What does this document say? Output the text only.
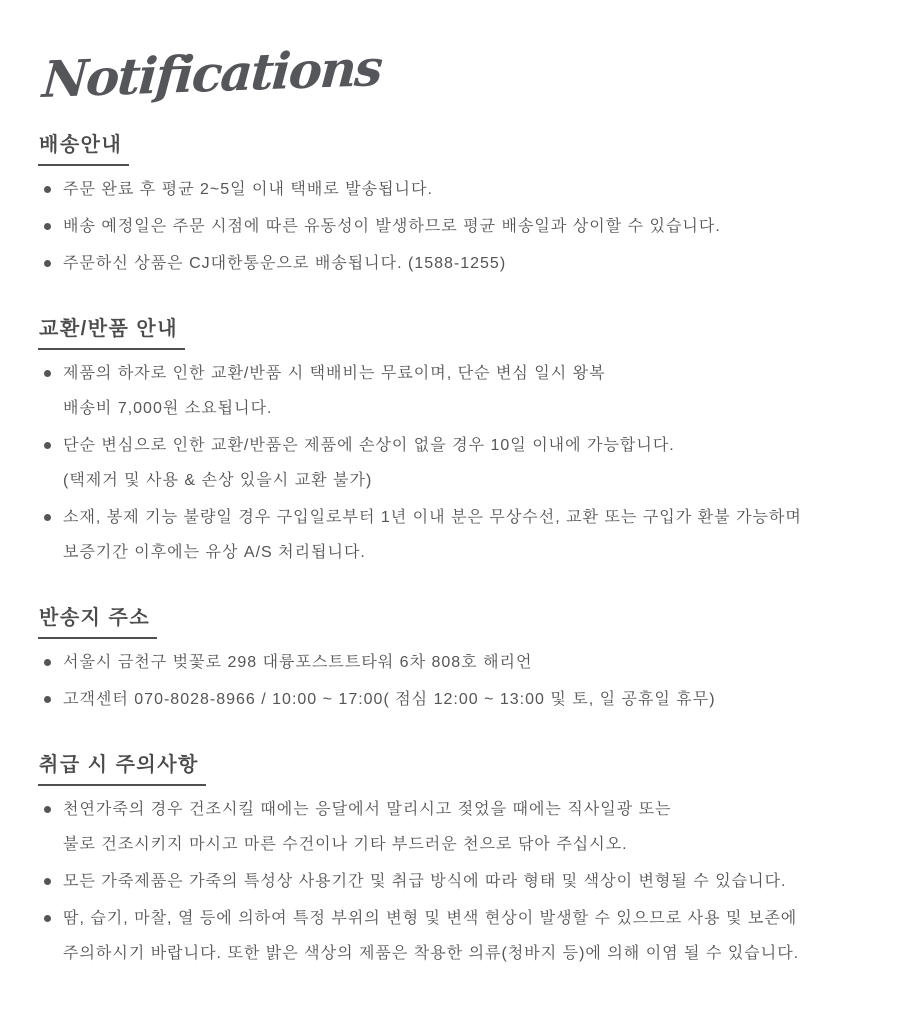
Notifications
배송안내
주문 완료 후 평균 2~5일 이내 택배로 발송됩니다.
배송 예정일은 주문 시점에 따른 유동성이 발생하므로 평균 배송일과 상이할 수 있습니다.
주문하신 상품은 CJ대한통운으로 배송됩니다. (1588-1255)
교환/반품 안내
제품의 하자로 인한 교환/반품 시 택배비는 무료이며, 단순 변심 일시 왕복
배송비 7,000원 소요됩니다.
단순 변심으로 인한 교환/반품은 제품에 손상이 없을 경우 10일 이내에 가능합니다.
(택제거 및 사용 & 손상 있을시 교환 불가)
소재, 봉제 기능 불량일 경우 구입일로부터 1년 이내 분은 무상수선, 교환 또는 구입가 환불 가능하며
보증기간 이후에는 유상 A/S 처리됩니다.
반송지 주소
서울시 금천구 벚꽃로 298 대륭포스트트타워 6차 808호 해리언
고객센터 070-8028-8966 / 10:00 ~ 17:00( 점심 12:00 ~ 13:00 및 토, 일 공휴일 휴무)
취급 시 주의사항
천연가죽의 경우 건조시킬 때에는 응달에서 말리시고 젖었을 때에는 직사일광 또는
불로 건조시키지 마시고 마른 수건이나 기타 부드러운 천으로 닦아 주십시오.
모든 가죽제품은 가죽의 특성상 사용기간 및 취급 방식에 따라 형태 및 색상이 변형될 수 있습니다.
땀, 습기, 마찰, 열 등에 의하여 특정 부위의 변형 및 변색 현상이 발생할 수 있으므로 사용 및 보존에
주의하시기 바랍니다. 또한 밝은 색상의 제품은 착용한 의류(청바지 등)에 의해 이염 될 수 있습니다.
